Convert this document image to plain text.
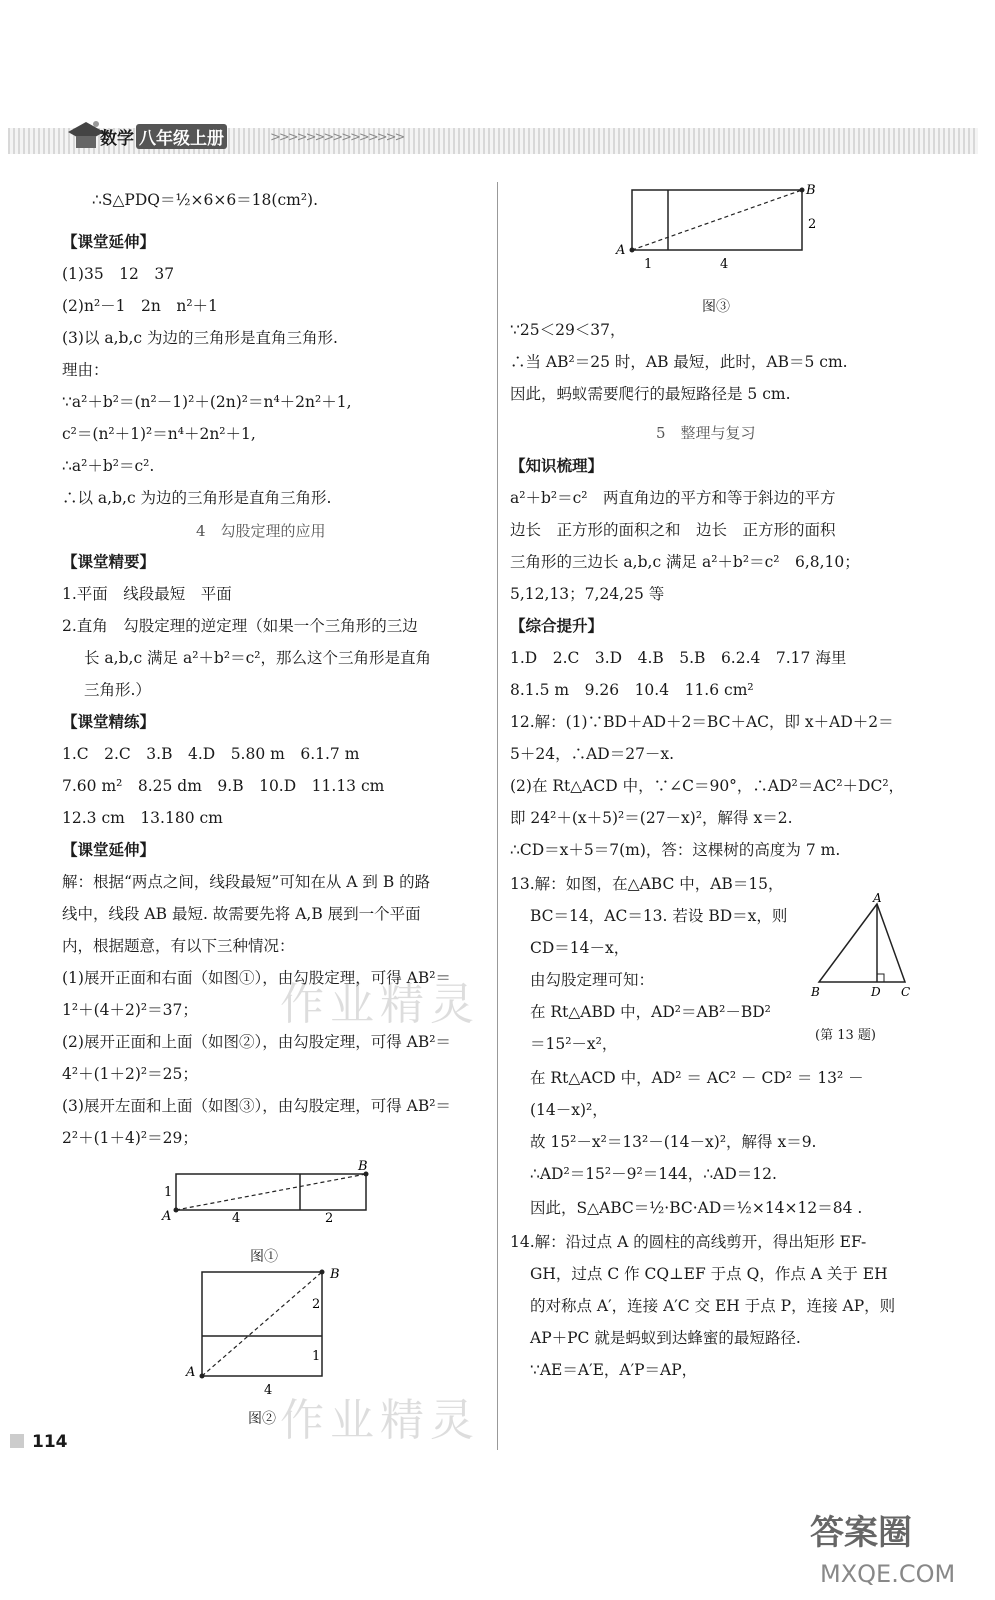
数学 八年级上册	>>>>>>>>>>>>>>>
∴S△PDQ＝½×6×6＝18(cm²).
【课堂延伸】
(1)35　12　37
(2)n²－1　2n　n²＋1
(3)以 a,b,c 为边的三角形是直角三角形.
理由：
∵a²＋b²＝(n²－1)²＋(2n)²＝n⁴＋2n²＋1,
c²＝(n²＋1)²＝n⁴＋2n²＋1,
∴a²＋b²＝c².
∴以 a,b,c 为边的三角形是直角三角形.
4　勾股定理的应用
【课堂精要】
1.平面　线段最短　平面
2.直角　勾股定理的逆定理（如果一个三角形的三边
长 a,b,c 满足 a²＋b²＝c²，那么这个三角形是直角
三角形.）
【课堂精练】
1.C　2.C　3.B　4.D　5.80 m　6.1.7 m
7.60 m²　8.25 dm　9.B　10.D　11.13 cm
12.3 cm　13.180 cm
【课堂延伸】
解：根据“两点之间，线段最短”可知在从 A 到 B 的路
线中，线段 AB 最短. 故需要先将 A,B 展到一个平面
内，根据题意，有以下三种情况：
(1)展开正面和右面（如图①），由勾股定理，可得 AB²＝
1²＋(4＋2)²＝37；
(2)展开正面和上面（如图②），由勾股定理，可得 AB²＝
4²＋(1＋2)²＝25；
(3)展开左面和上面（如图③），由勾股定理，可得 AB²＝
2²＋(1＋4)²＝29；
A
B
1
4	2
图①
A
B
2
1
4
图②
∵25＜29＜37，
∴当 AB²＝25 时，AB 最短，此时，AB＝5 cm.
因此，蚂蚁需要爬行的最短路径是 5 cm.
5　整理与复习
【知识梳理】
a²＋b²＝c²　两直角边的平方和等于斜边的平方
边长　正方形的面积之和　边长　正方形的面积
三角形的三边长 a,b,c 满足 a²＋b²＝c²　6,8,10；
5,12,13；7,24,25 等
【综合提升】
1.D　2.C　3.D　4.B　5.B　6.2.4　7.17 海里
8.1.5 m　9.26　10.4　11.6 cm²
12.解：(1)∵BD＋AD＋2＝BC＋AC，即 x＋AD＋2＝
5＋24，∴AD＝27－x.
(2)在 Rt△ACD 中，∵∠C＝90°，∴AD²＝AC²＋DC²，
即 24²＋(x＋5)²＝(27－x)²，解得 x＝2.
∴CD＝x＋5＝7(m)，答：这棵树的高度为 7 m.
13.解：如图，在△ABC 中，AB＝15，
BC＝14，AC＝13. 若设 BD＝x，则
CD＝14－x，
由勾股定理可知：
在 Rt△ABD 中，AD²＝AB²－BD²
＝15²－x²，
在 Rt△ACD 中，AD² ＝ AC² － CD² ＝ 13² －
(14－x)²，
故 15²－x²＝13²－(14－x)²，解得 x＝9.
∴AD²＝15²－9²＝144，∴AD＝12.
因此，S△ABC＝½·BC·AD＝½×14×12＝84 .
14.解：沿过点 A 的圆柱的高线剪开，得出矩形 EF-
GH，过点 C 作 CQ⊥EF 于点 Q，作点 A 关于 EH
的对称点 A′，连接 A′C 交 EH 于点 P，连接 AP，则
AP＋PC 就是蚂蚁到达蜂蜜的最短路径.
∵AE＝A′E，A′P＝AP，
A
B
2
1	4
图③
A
B	D C
(第 13 题)
作业精灵
作业精灵
答案圈
MXQE.COM
114
